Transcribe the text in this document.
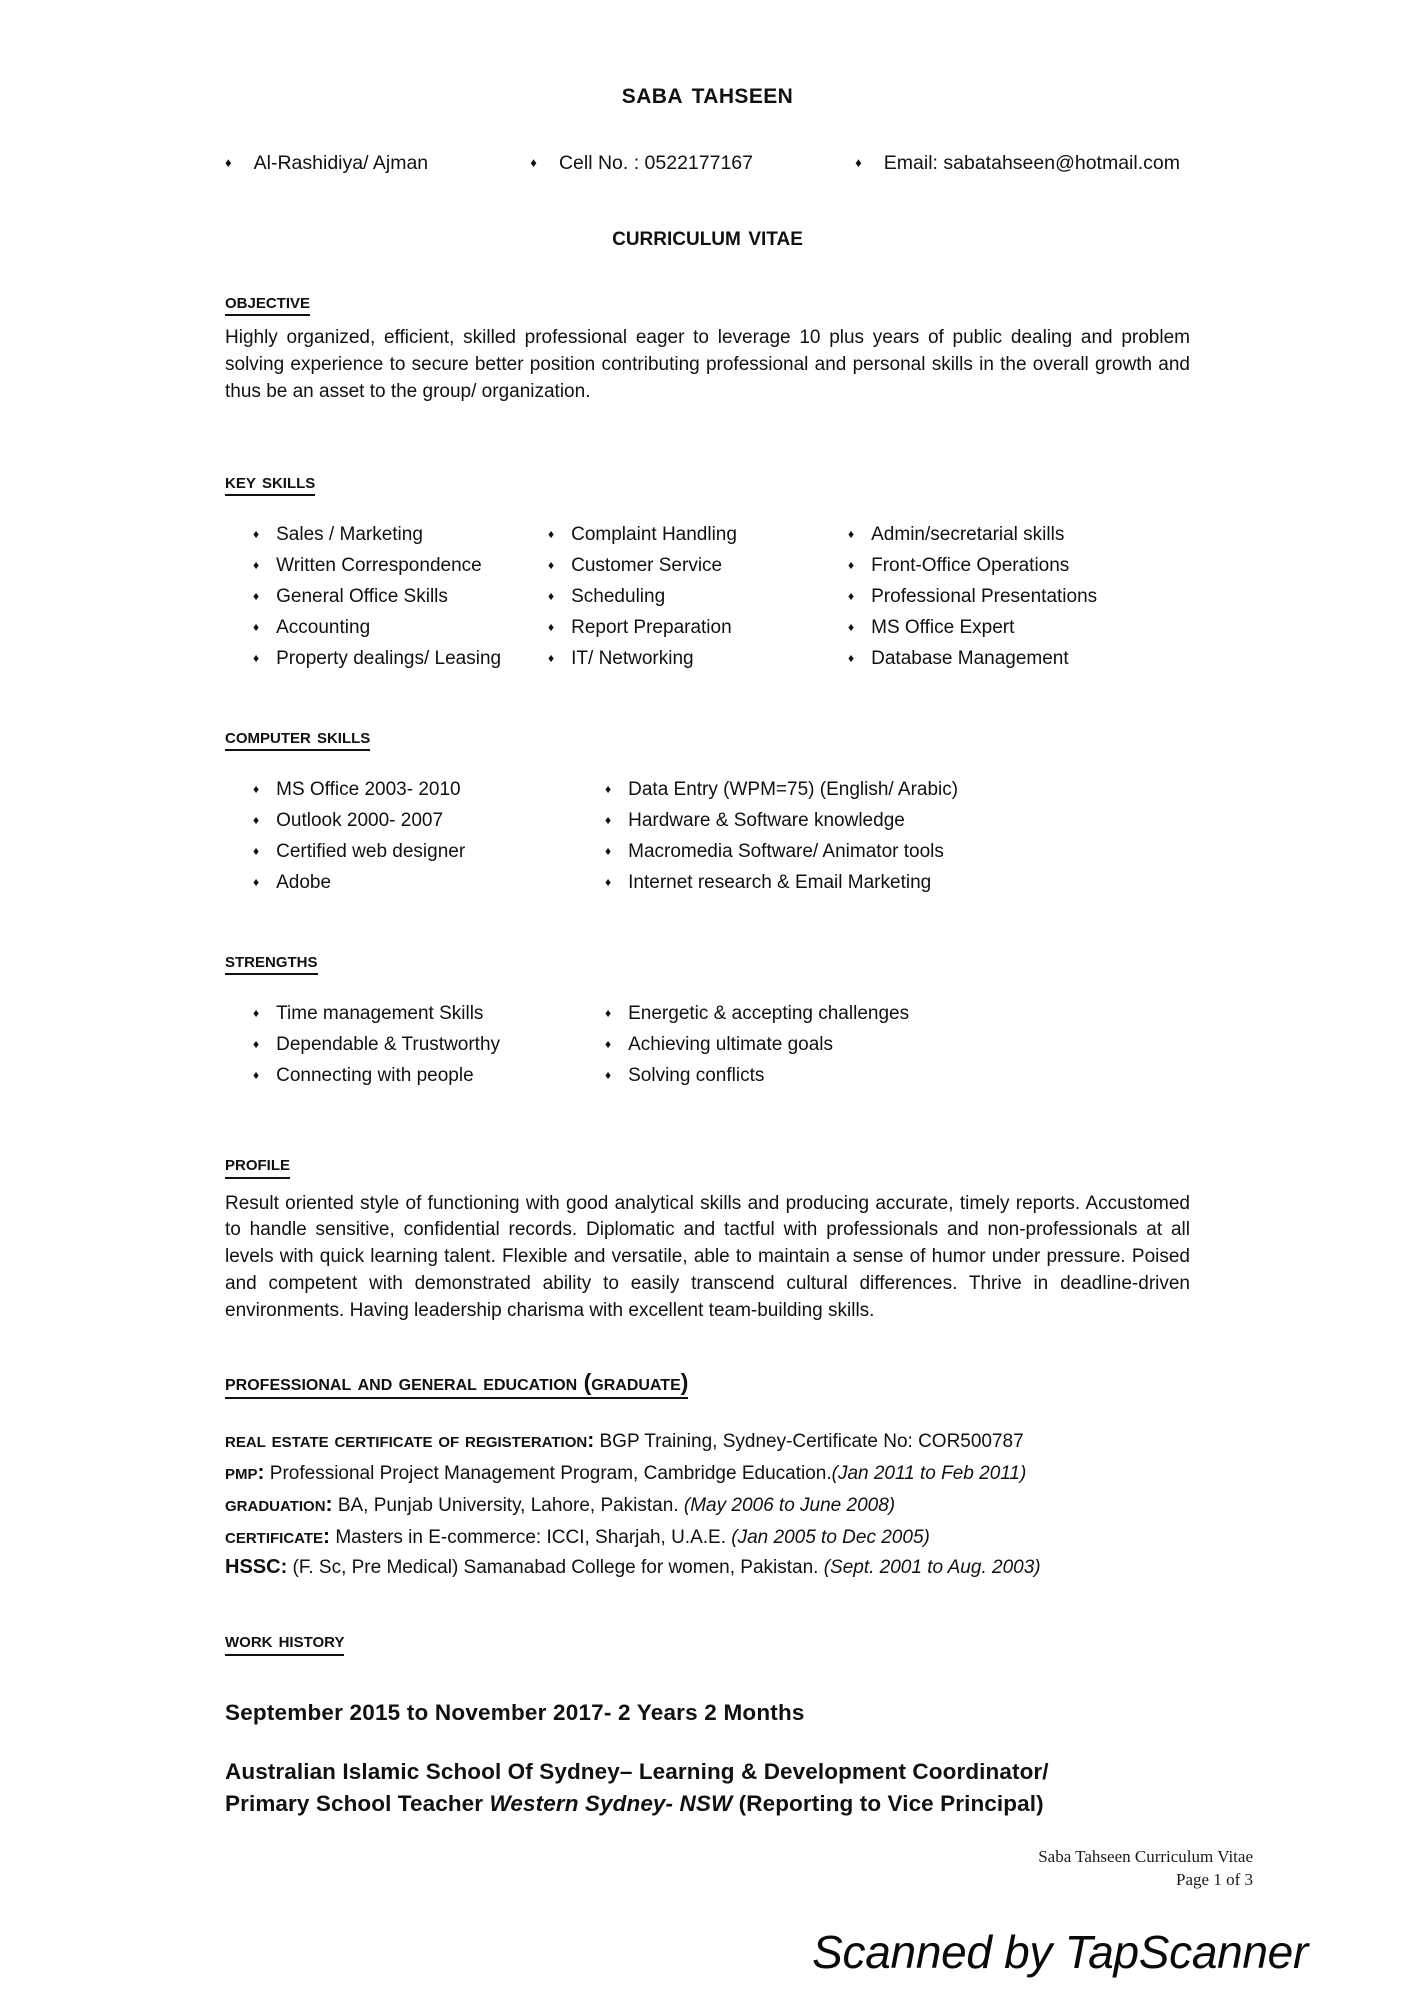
saba tahseen
♦ Al-Rashidiya/ Ajman	♦ Cell No. : 0522177167	♦ Email: sabatahseen@hotmail.com
curriculum vitae
objective
Highly organized, efficient, skilled professional eager to leverage 10 plus years of public dealing and problem solving experience to secure better position contributing professional and personal skills in the overall growth and thus be an asset to the group/ organization.
key skills
♦ Sales / Marketing	♦ Complaint Handling	♦ Admin/secretarial skills
♦ Written Correspondence	♦ Customer Service	♦ Front-Office Operations
♦ General Office Skills	♦ Scheduling	♦ Professional Presentations
♦ Accounting	♦ Report Preparation	♦ MS Office Expert
♦ Property dealings/ Leasing	♦ IT/ Networking	♦ Database Management
computer skills
♦ MS Office 2003- 2010	♦ Data Entry (WPM=75) (English/ Arabic)
♦ Outlook 2000- 2007	♦ Hardware & Software knowledge
♦ Certified web designer	♦ Macromedia Software/ Animator tools
♦ Adobe	♦ Internet research & Email Marketing
strengths
♦ Time management Skills	♦ Energetic & accepting challenges
♦ Dependable & Trustworthy	♦ Achieving ultimate goals
♦ Connecting with people	♦ Solving conflicts
profile
Result oriented style of functioning with good analytical skills and producing accurate, timely reports. Accustomed to handle sensitive, confidential records. Diplomatic and tactful with professionals and non-professionals at all levels with quick learning talent. Flexible and versatile, able to maintain a sense of humor under pressure. Poised and competent with demonstrated ability to easily transcend cultural differences. Thrive in deadline-driven environments. Having leadership charisma with excellent team-building skills.
professional and general education (graduate)
real estate certificate of registeration: BGP Training, Sydney-Certificate No: COR500787
pmp: Professional Project Management Program, Cambridge Education.(Jan 2011 to Feb 2011)
graduation: BA, Punjab University, Lahore, Pakistan. (May 2006 to June 2008)
certificate: Masters in E-commerce: ICCI, Sharjah, U.A.E. (Jan 2005 to Dec 2005)
HSSC: (F. Sc, Pre Medical) Samanabad College for women, Pakistan. (Sept. 2001 to Aug. 2003)
work history
September 2015 to November 2017- 2 Years 2 Months
Australian Islamic School Of Sydney– Learning & Development Coordinator/
Primary School Teacher Western Sydney- NSW (Reporting to Vice Principal)
Saba Tahseen Curriculum Vitae
Page 1 of 3
Scanned by TapScanner
